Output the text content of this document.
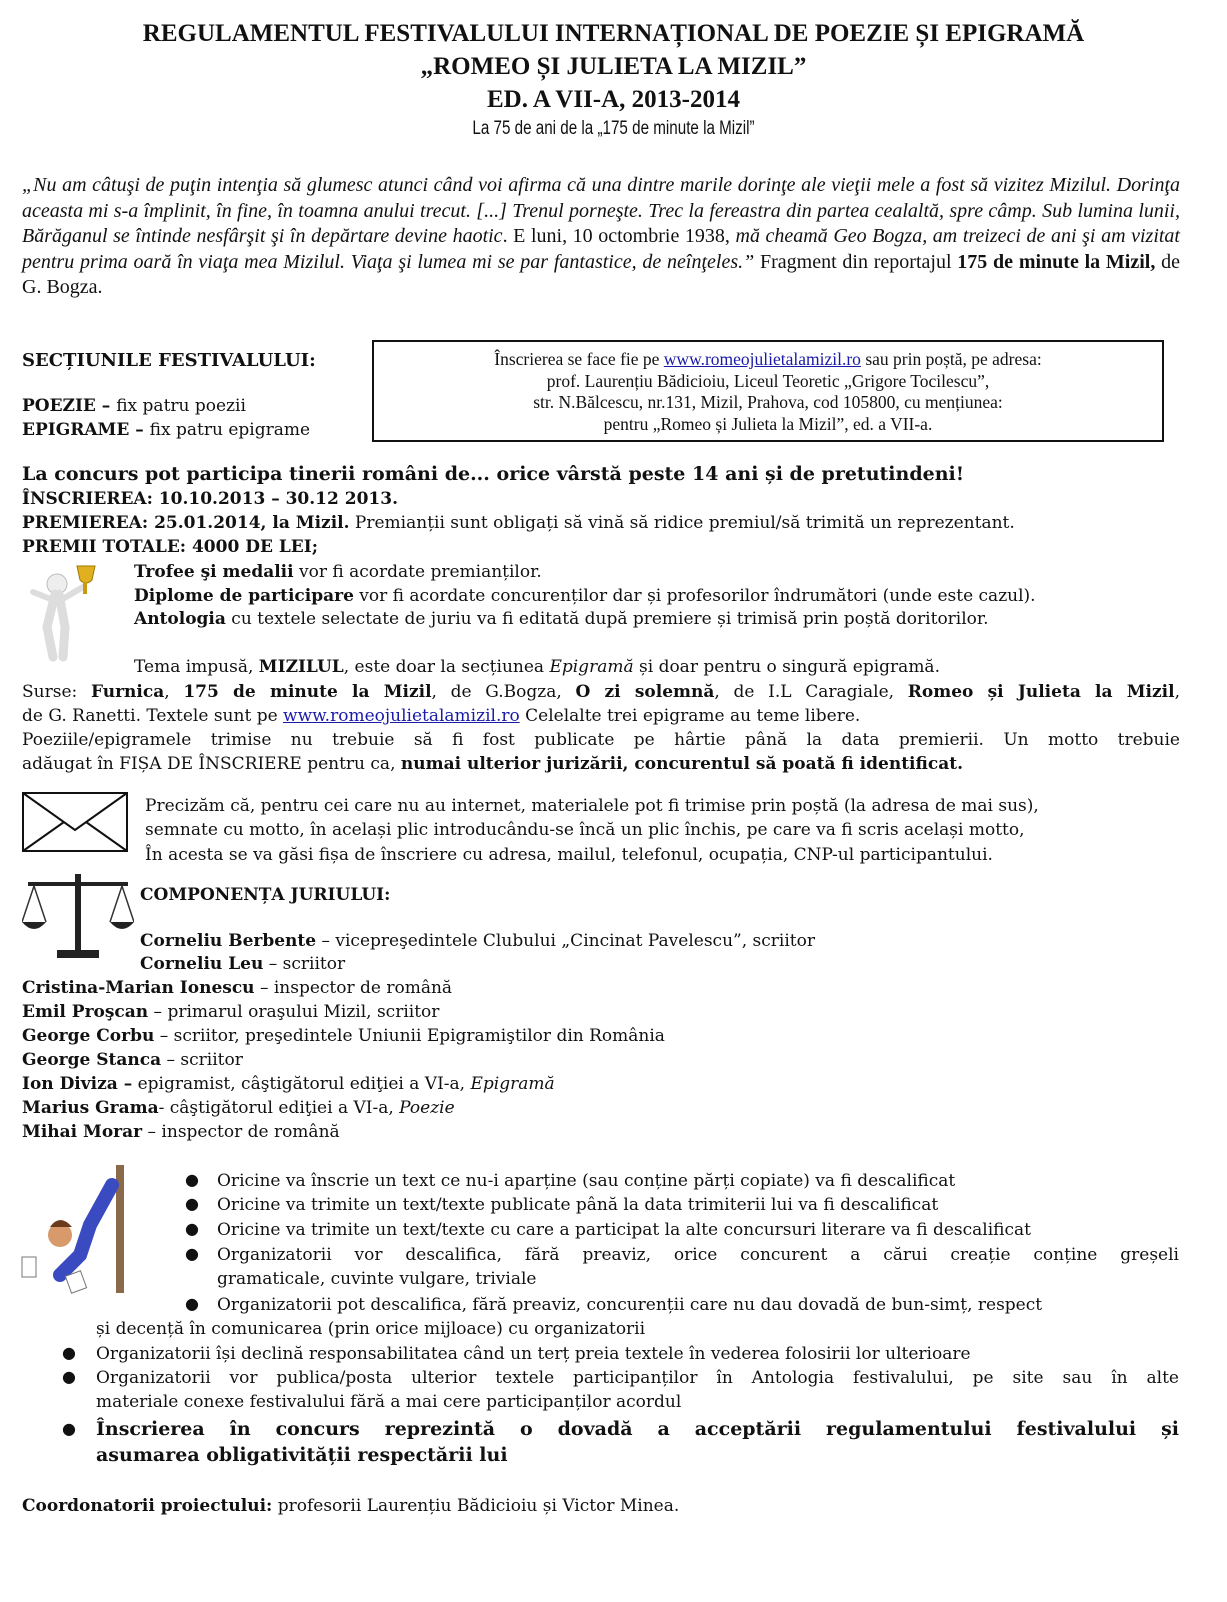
REGULAMENTUL FESTIVALULUI INTERNAȚIONAL DE POEZIE ȘI EPIGRAMĂ
„ROMEO ȘI JULIETA LA MIZIL”
ED. A VII-A, 2013-2014
La 75 de ani de la „175 de minute la Mizil”
„Nu am câtuşi de puţin intenţia să glumesc atunci când voi afirma că una dintre marile dorinţe ale vieţii mele a fost să vizitez Mizilul. Dorinţa aceasta mi s-a împlinit, în fine, în toamna anului trecut. [...] Trenul porneşte. Trec la fereastra din partea cealaltă, spre câmp. Sub lumina lunii, Bărăganul se întinde nesfârşit şi în depărtare devine haotic. E luni, 10 octombrie 1938, mă cheamă Geo Bogza, am treizeci de ani şi am vizitat pentru prima oară în viaţa mea Mizilul. Viaţa şi lumea mi se par fantastice, de neînţeles.” Fragment din reportajul 175 de minute la Mizil, de G. Bogza.
SECȚIUNILE FESTIVALULUI:
POEZIE – fix patru poezii
EPIGRAME – fix patru epigrame
Înscrierea se face fie pe www.romeojulietalamizil.ro sau prin poștă, pe adresa:
prof. Laurențiu Bădicioiu, Liceul Teoretic „Grigore Tocilescu”,
str. N.Bălcescu, nr.131, Mizil, Prahova, cod 105800, cu mențiunea:
pentru „Romeo și Julieta la Mizil”, ed. a VII-a.
La concurs pot participa tinerii români de... orice vârstă peste 14 ani și de pretutindeni!
ÎNSCRIEREA: 10.10.2013 – 30.12 2013.
PREMIEREA: 25.01.2014, la Mizil. Premianții sunt obligați să vină să ridice premiul/să trimită un reprezentant.
PREMII TOTALE: 4000 DE LEI;
Trofee şi medalii vor fi acordate premianților.
Diplome de participare vor fi acordate concurenților dar și profesorilor îndrumători (unde este cazul).
Antologia cu textele selectate de juriu va fi editată după premiere și trimisă prin poștă doritorilor.
Tema impusă, MIZILUL, este doar la secțiunea Epigramă și doar pentru o singură epigramă.
Surse: Furnica, 175 de minute la Mizil, de G.Bogza, O zi solemnă, de I.L Caragiale, Romeo și Julieta la Mizil,
de G. Ranetti. Textele sunt pe www.romeojulietalamizil.ro Celelalte trei epigrame au teme libere.
Poeziile/epigramele trimise nu trebuie să fi fost publicate pe hârtie până la data premierii. Un motto trebuie
adăugat în FIȘA DE ÎNSCRIERE pentru ca, numai ulterior jurizării, concurentul să poată fi identificat.
Precizăm că, pentru cei care nu au internet, materialele pot fi trimise prin poștă (la adresa de mai sus),
semnate cu motto, în același plic introducându-se încă un plic închis, pe care va fi scris același motto,
În acesta se va găsi fișa de înscriere cu adresa, mailul, telefonul, ocupația, CNP-ul participantului.
COMPONENȚA JURIULUI:
Corneliu Berbente – vicepreşedintele Clubului „Cincinat Pavelescu”, scriitor
Corneliu Leu – scriitor
Cristina-Marian Ionescu – inspector de română
Emil Proşcan – primarul oraşului Mizil, scriitor
George Corbu – scriitor, preşedintele Uniunii Epigramiştilor din România
George Stanca – scriitor
Ion Diviza – epigramist, câştigătorul ediţiei a VI-a, Epigramă
Marius Grama- câştigătorul ediţiei a VI-a, Poezie
Mihai Morar – inspector de română
● Oricine va înscrie un text ce nu-i aparține (sau conține părți copiate) va fi descalificat
● Oricine va trimite un text/texte publicate până la data trimiterii lui va fi descalificat
● Oricine va trimite un text/texte cu care a participat la alte concursuri literare va fi descalificat
● Organizatorii vor descalifica, fără preaviz, orice concurent a cărui creație conține greșeli
gramaticale, cuvinte vulgare, triviale
● Organizatorii pot descalifica, fără preaviz, concurenții care nu dau dovadă de bun-simț, respect
și decență în comunicarea (prin orice mijloace) cu organizatorii
● Organizatorii își declină responsabilitatea când un terț preia textele în vederea folosirii lor ulterioare
● Organizatorii vor publica/posta ulterior textele participanților în Antologia festivalului, pe site sau în alte
materiale conexe festivalului fără a mai cere participanților acordul
● Înscrierea în concurs reprezintă o dovadă a acceptării regulamentului festivalului și
asumarea obligativității respectării lui
Coordonatorii proiectului: profesorii Laurențiu Bădicioiu și Victor Minea.
